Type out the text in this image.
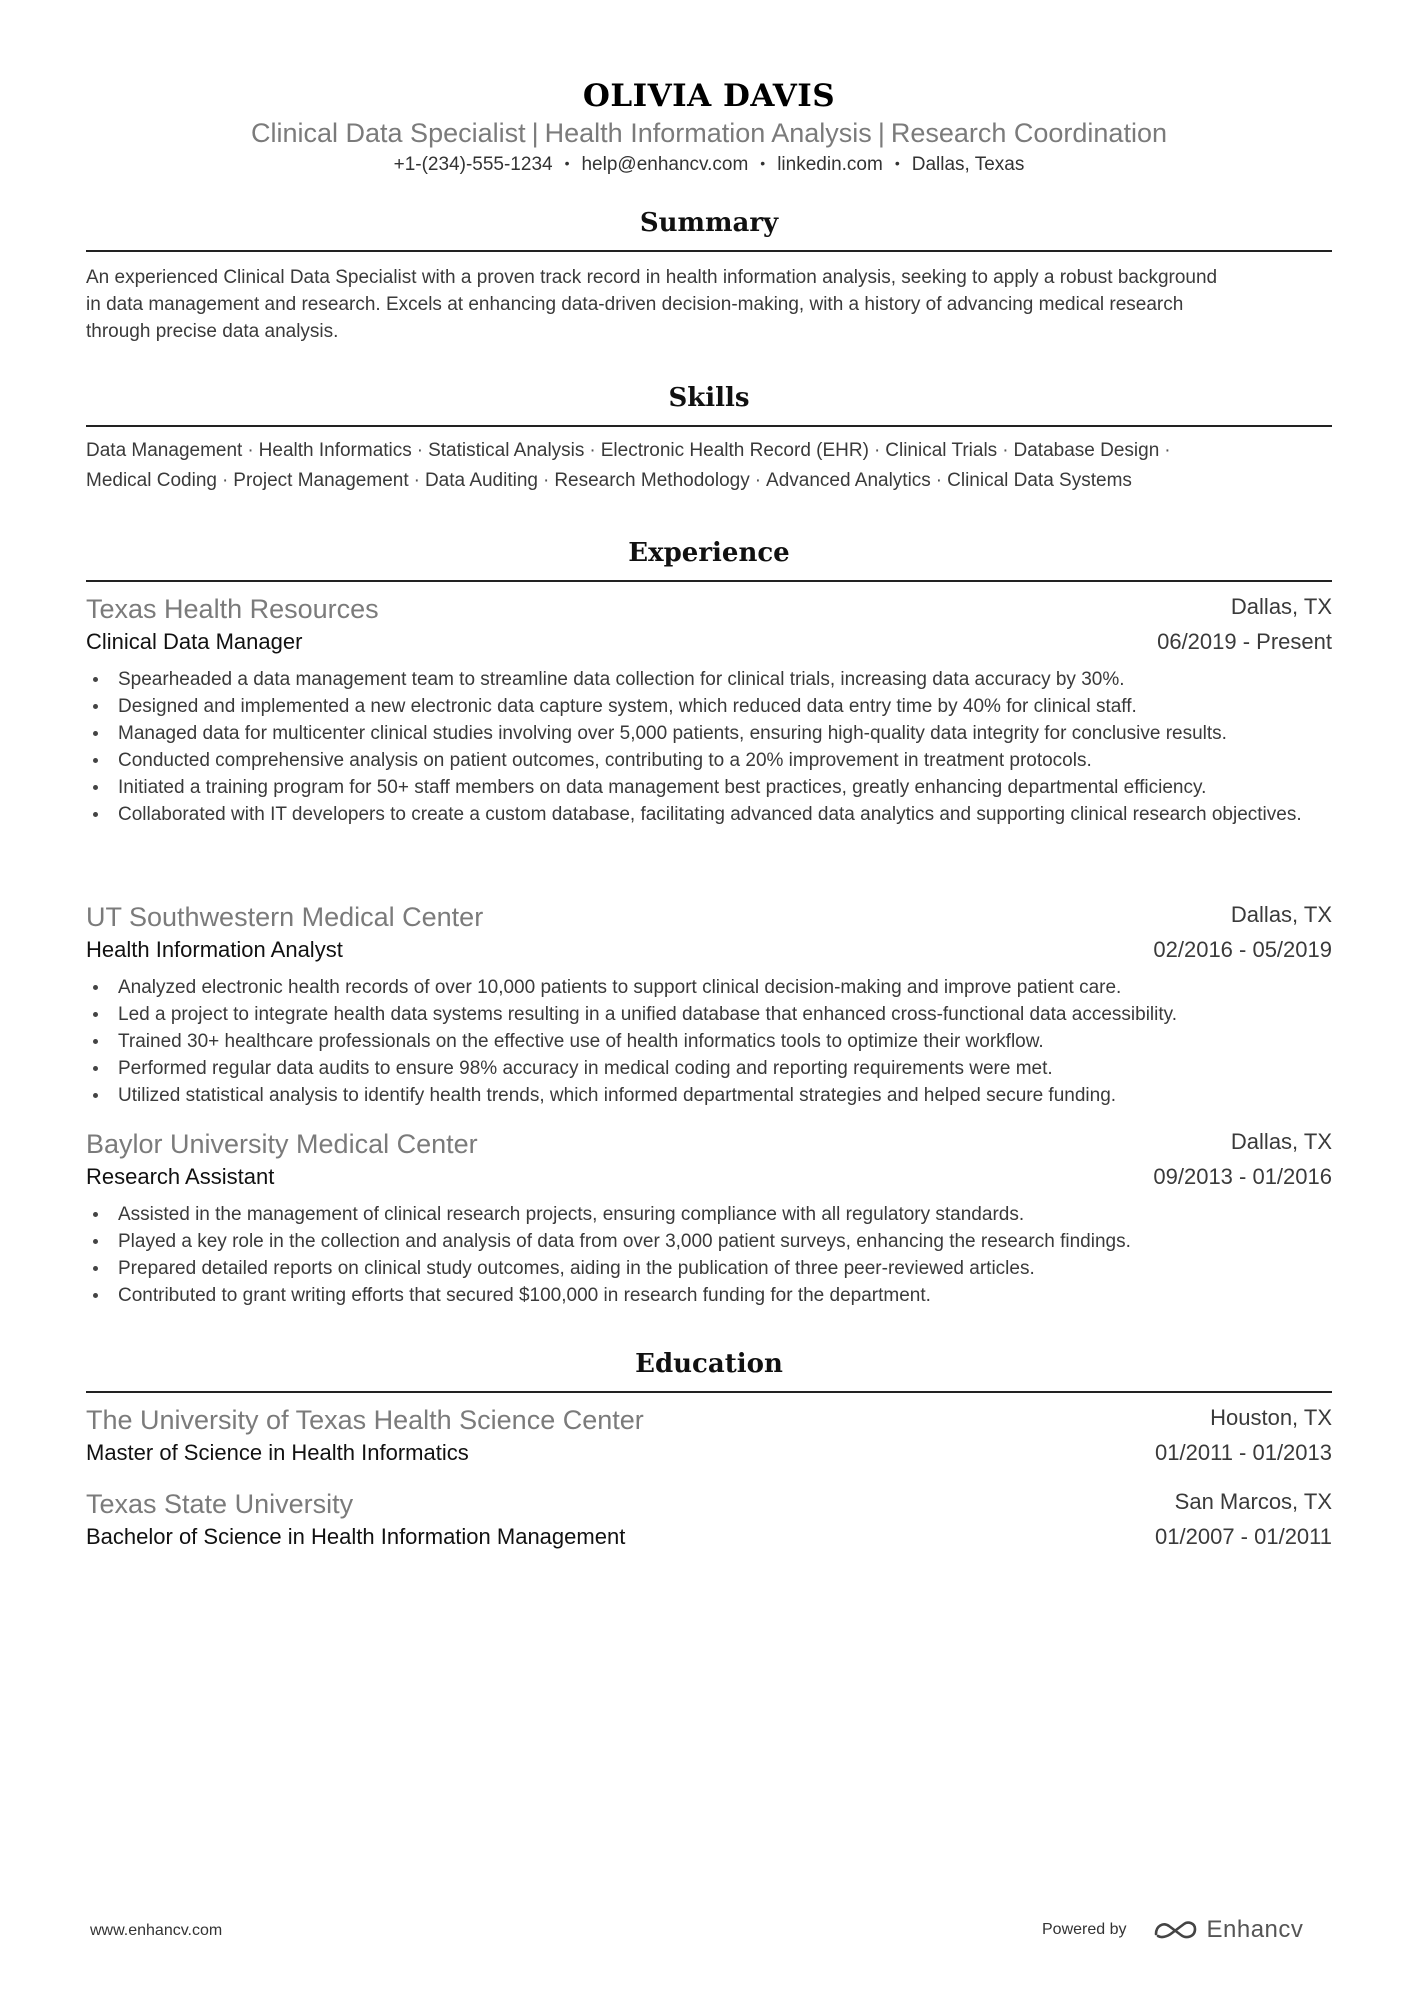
OLIVIA DAVIS
Clinical Data Specialist | Health Information Analysis | Research Coordination
+1-(234)-555-1234 • help@enhancv.com • linkedin.com • Dallas, Texas
Summary
An experienced Clinical Data Specialist with a proven track record in health information analysis, seeking to apply a robust background
in data management and research. Excels at enhancing data-driven decision-making, with a history of advancing medical research
through precise data analysis.
Skills
Data Management · Health Informatics · Statistical Analysis · Electronic Health Record (EHR) · Clinical Trials · Database Design ·
Medical Coding · Project Management · Data Auditing · Research Methodology · Advanced Analytics · Clinical Data Systems
Experience
Texas Health Resources	Dallas, TX
Clinical Data Manager	06/2019 - Present
Spearheaded a data management team to streamline data collection for clinical trials, increasing data accuracy by 30%.
Designed and implemented a new electronic data capture system, which reduced data entry time by 40% for clinical staff.
Managed data for multicenter clinical studies involving over 5,000 patients, ensuring high-quality data integrity for conclusive results.
Conducted comprehensive analysis on patient outcomes, contributing to a 20% improvement in treatment protocols.
Initiated a training program for 50+ staff members on data management best practices, greatly enhancing departmental efficiency.
Collaborated with IT developers to create a custom database, facilitating advanced data analytics and supporting clinical research objectives.
UT Southwestern Medical Center	Dallas, TX
Health Information Analyst	02/2016 - 05/2019
Analyzed electronic health records of over 10,000 patients to support clinical decision-making and improve patient care.
Led a project to integrate health data systems resulting in a unified database that enhanced cross-functional data accessibility.
Trained 30+ healthcare professionals on the effective use of health informatics tools to optimize their workflow.
Performed regular data audits to ensure 98% accuracy in medical coding and reporting requirements were met.
Utilized statistical analysis to identify health trends, which informed departmental strategies and helped secure funding.
Baylor University Medical Center	Dallas, TX
Research Assistant	09/2013 - 01/2016
Assisted in the management of clinical research projects, ensuring compliance with all regulatory standards.
Played a key role in the collection and analysis of data from over 3,000 patient surveys, enhancing the research findings.
Prepared detailed reports on clinical study outcomes, aiding in the publication of three peer-reviewed articles.
Contributed to grant writing efforts that secured $100,000 in research funding for the department.
Education
The University of Texas Health Science Center	Houston, TX
Master of Science in Health Informatics	01/2011 - 01/2013
Texas State University	San Marcos, TX
Bachelor of Science in Health Information Management	01/2007 - 01/2011
www.enhancv.com	Powered by	Enhancv
